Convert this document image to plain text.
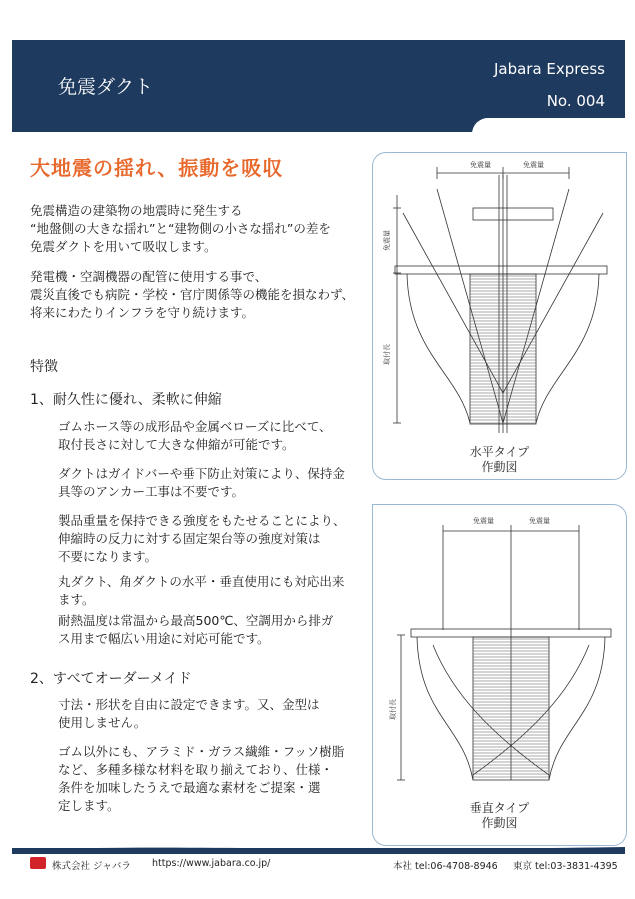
免震ダクト
Jabara Express
No. 004
大地震の揺れ、振動を吸収
免震構造の建築物の地震時に発生する
“地盤側の大きな揺れ”と“建物側の小さな揺れ”の差を
免震ダクトを用いて吸収します。
発電機・空調機器の配管に使用する事で、
震災直後でも病院・学校・官庁関係等の機能を損なわず、
将来にわたりインフラを守り続けます。
特徴
1、耐久性に優れ、柔軟に伸縮
ゴムホース等の成形品や金属ベローズに比べて、
取付長さに対して大きな伸縮が可能です。
ダクトはガイドバーや垂下防止対策により、保持金
具等のアンカー工事は不要です。
製品重量を保持できる強度をもたせることにより、
伸縮時の反力に対する固定架台等の強度対策は
不要になります。
丸ダクト、角ダクトの水平・垂直使用にも対応出来
ます。
耐熱温度は常温から最高500℃、空調用から排ガ
ス用まで幅広い用途に対応可能です。
2、すべてオーダーメイド
寸法・形状を自由に設定できます。又、金型は
使用しません。
ゴム以外にも、アラミド・ガラス繊維・フッソ樹脂
など、多種多様な材料を取り揃えており、仕様・
条件を加味したうえで最適な素材をご提案・選
定します。
免震量	免震量
免震量
取付長
水平タイプ
作動図
免震量	免震量
取付長
垂直タイプ
作動図
株式会社 ジャバラ https://www.jabara.co.jp/	本社 tel:06-4708-8946 東京 tel:03-3831-4395
